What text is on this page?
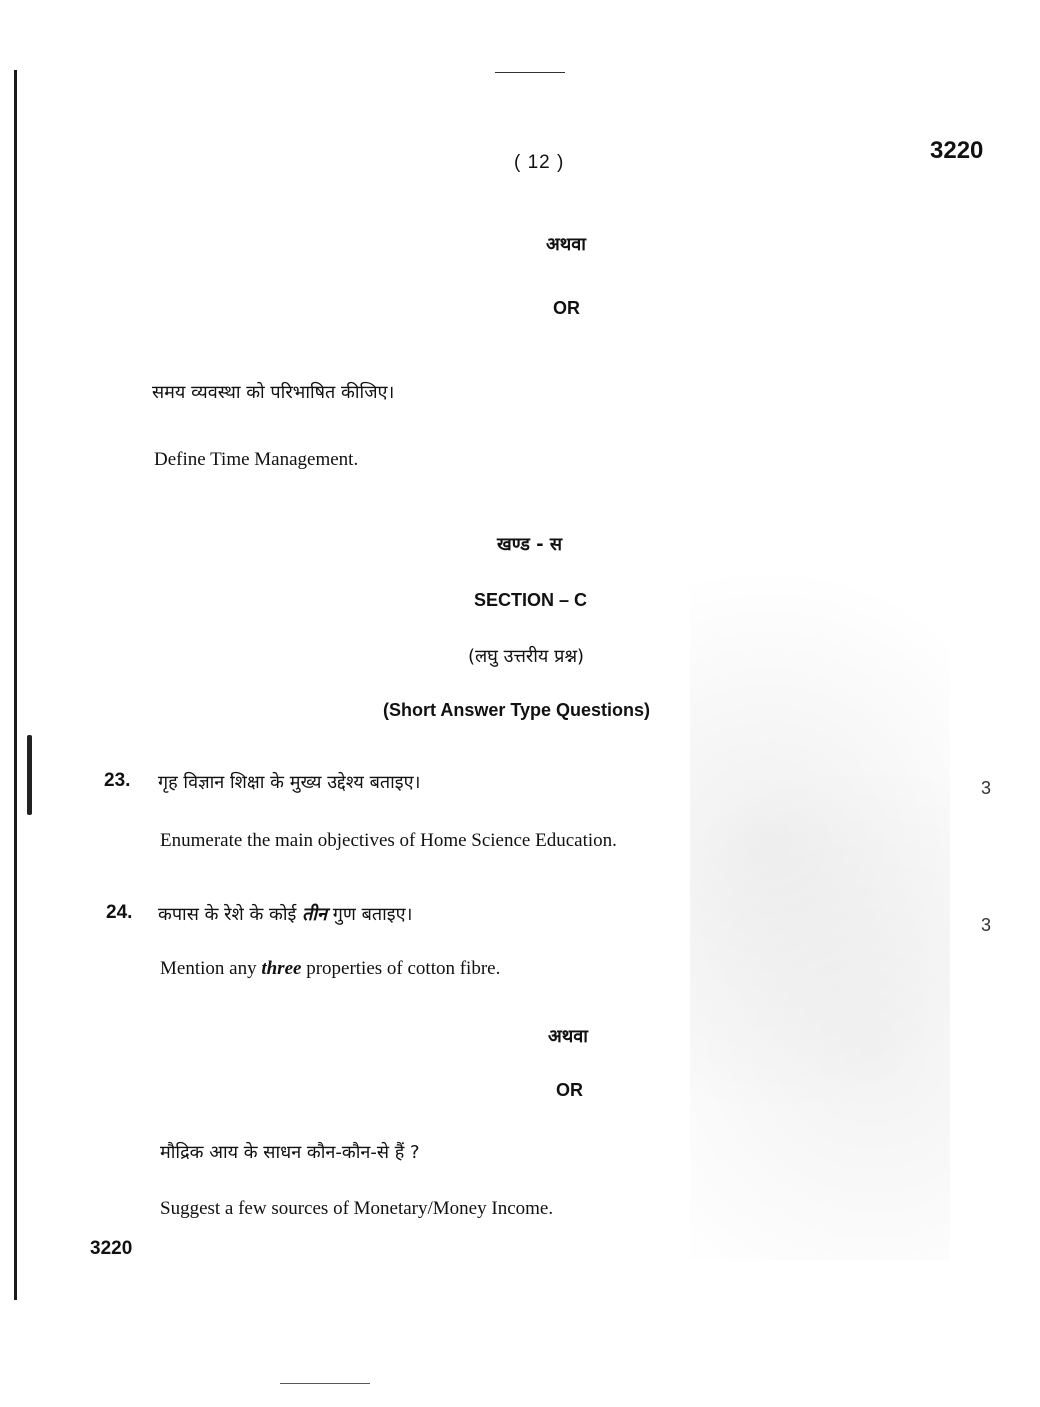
( 12 )	3220
अथवा
OR
समय व्यवस्था को परिभाषित कीजिए।
Define Time Management.
खण्ड - स
SECTION – C
(लघु उत्तरीय प्रश्न)
(Short Answer Type Questions)
23. गृह विज्ञान शिक्षा के मुख्य उद्देश्य बताइए।	3
Enumerate the main objectives of Home Science Education.
24. कपास के रेशे के कोई तीन गुण बताइए।	3
Mention any three properties of cotton fibre.
अथवा
OR
मौद्रिक आय के साधन कौन-कौन-से हैं ?
Suggest a few sources of Monetary/Money Income.
3220
